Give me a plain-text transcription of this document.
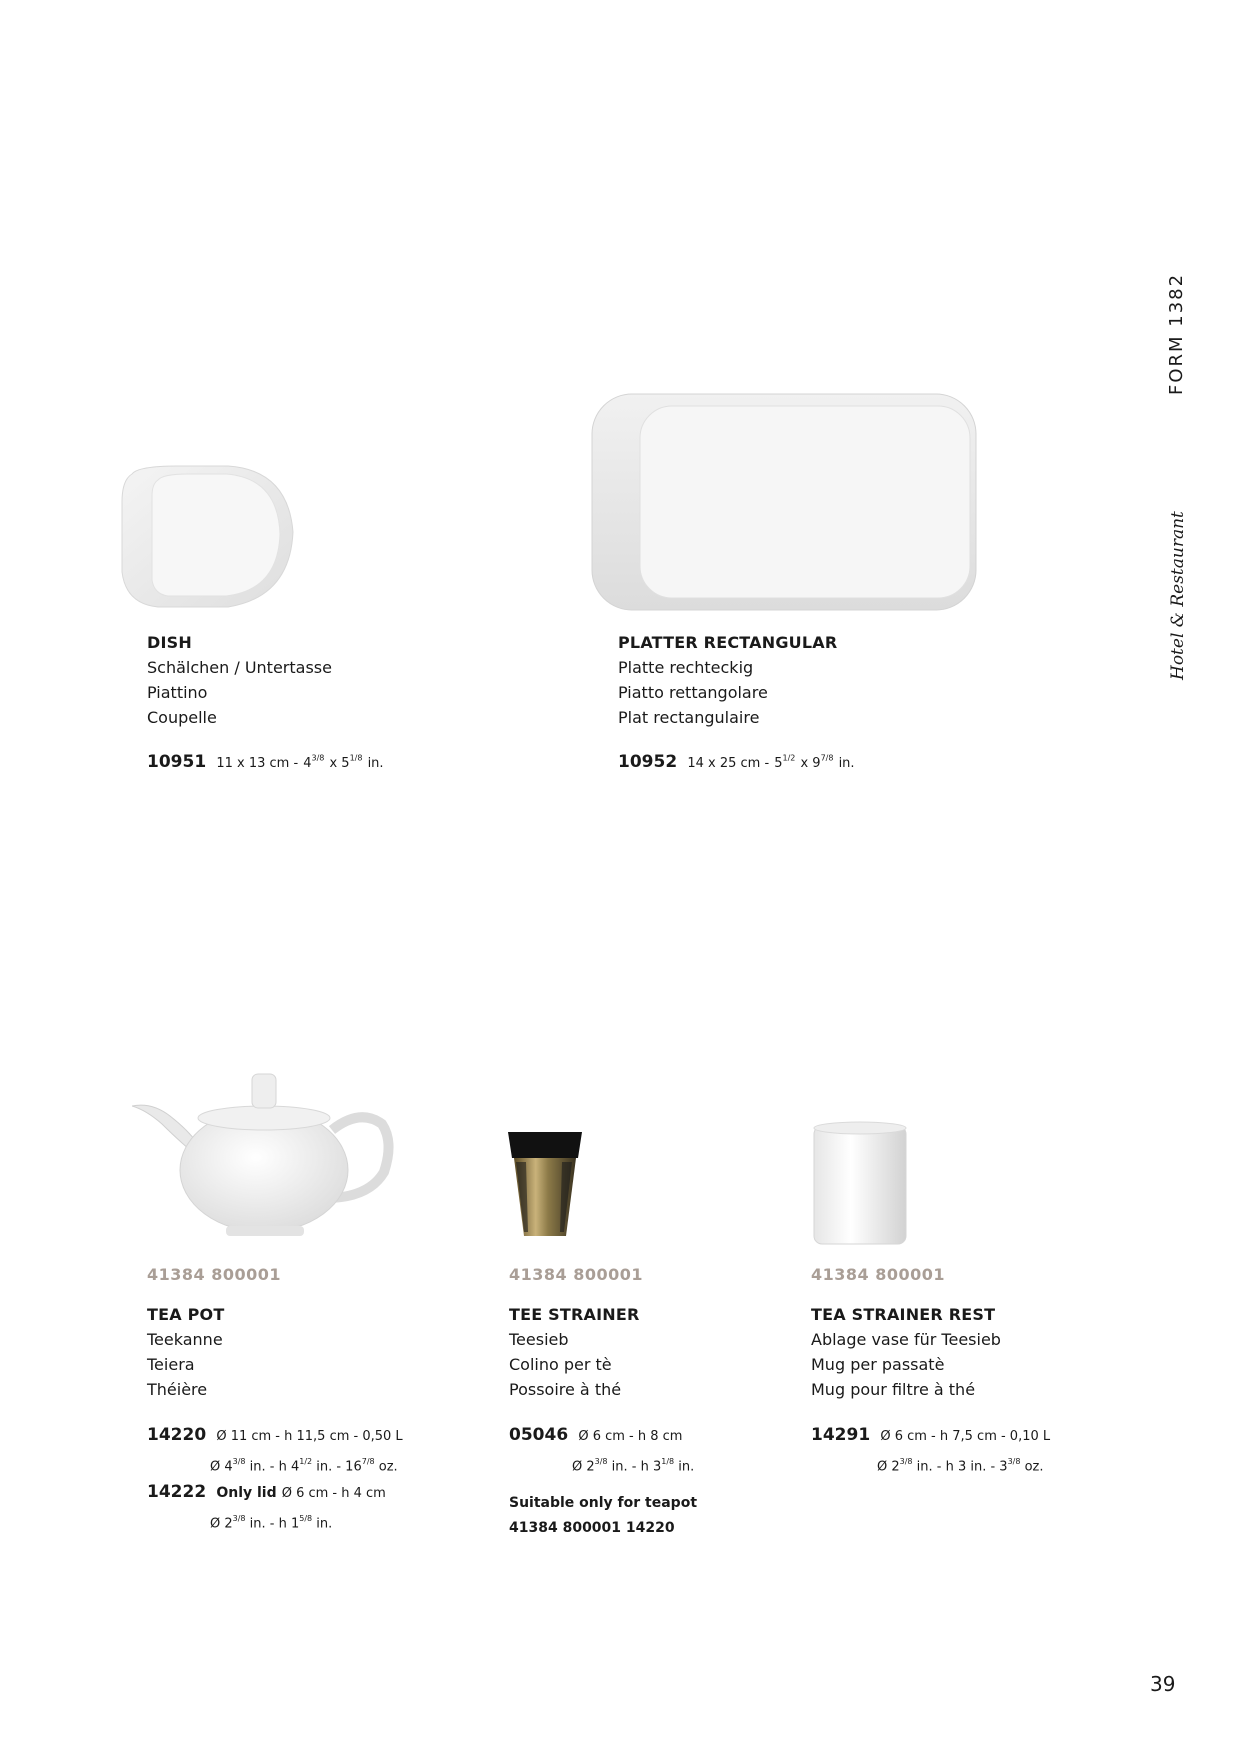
FORM 1382
Hotel & Restaurant
DISH
Schälchen / Untertasse
Piattino
Coupelle
10951 11 x 13 cm - $4^{3/8}$ x $5^{1/8}$ in.
PLATTER RECTANGULAR
Platte rechteckig
Piatto rettangolare
Plat rectangulaire
10952 14 x 25 cm - $5^{1/2}$ x $9^{7/8}$ in.
41384 800001
TEA POT
Teekanne
Teiera
Théière
14220 Ø 11 cm - h 11,5 cm - 0,50 L
Ø $4^{3/8}$ in. - h $4^{1/2}$ in. - $16^{7/8}$ oz.
14222 Only lid Ø 6 cm - h 4 cm
Ø $2^{3/8}$ in. - h $1^{5/8}$ in.
41384 800001
TEE STRAINER
Teesieb
Colino per tè
Possoire à thé
05046 Ø 6 cm - h 8 cm
Ø $2^{3/8}$ in. - h $3^{1/8}$ in.
Suitable only for teapot
41384 800001 14220
41384 800001
TEA STRAINER REST
Ablage vase für Teesieb
Mug per passatè
Mug pour filtre à thé
14291 Ø 6 cm - h 7,5 cm - 0,10 L
Ø $2^{3/8}$ in. - h 3 in. - $3^{3/8}$ oz.
39
